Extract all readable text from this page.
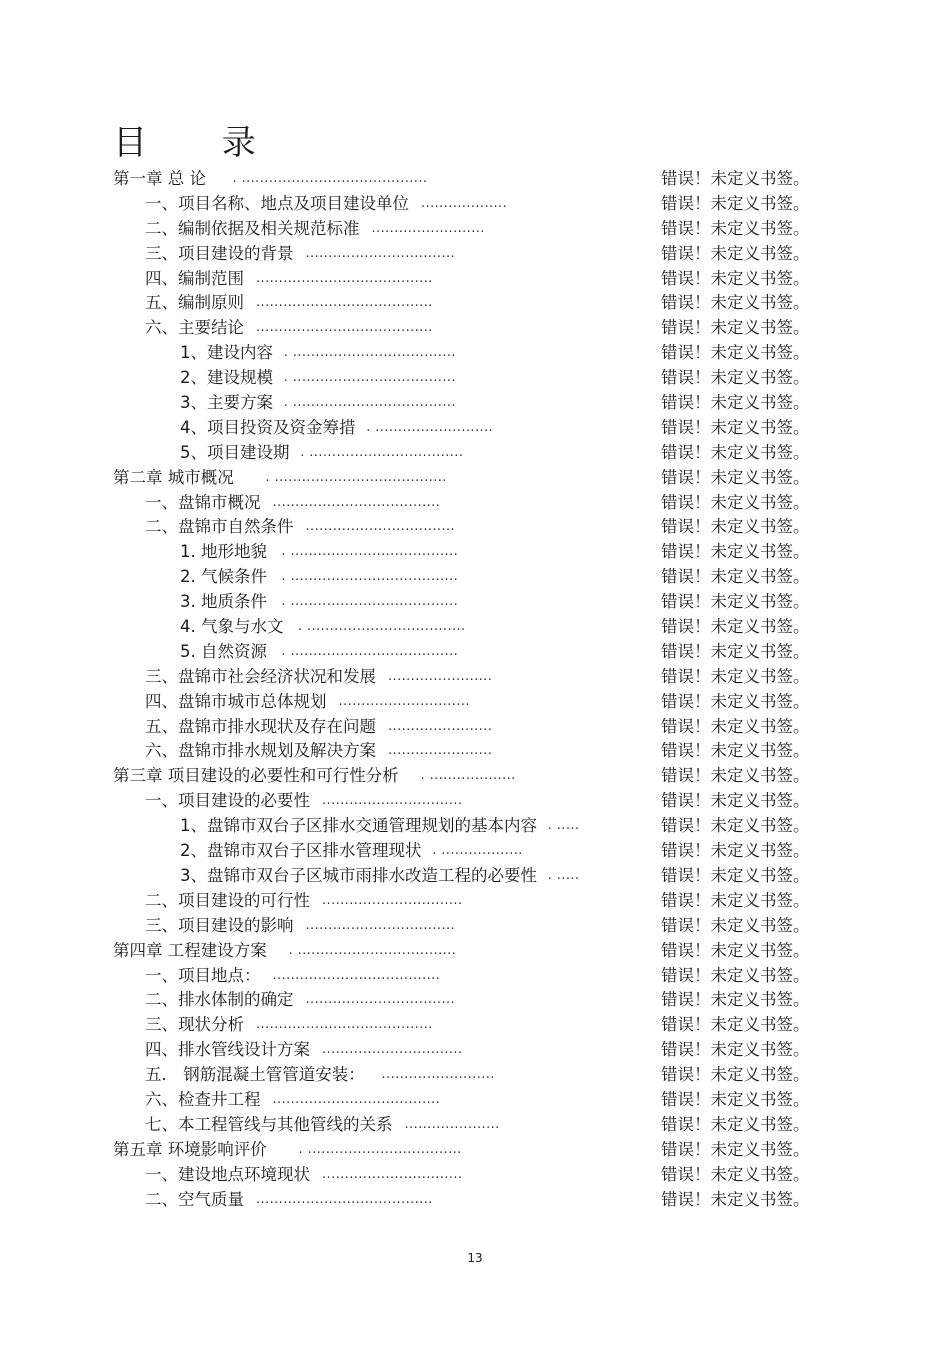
目 录
第一章 总 论 . .........................................	错误！未定义书签。
一、项目名称、地点及项目建设单位 ...................	错误！未定义书签。
二、编制依据及相关规范标准 .........................	错误！未定义书签。
三、项目建设的背景 .................................	错误！未定义书签。
四、编制范围 .......................................	错误！未定义书签。
五、编制原则 .......................................	错误！未定义书签。
六、主要结论 .......................................	错误！未定义书签。
1、建设内容 . ....................................	错误！未定义书签。
2、建设规模 . ....................................	错误！未定义书签。
3、主要方案 . ....................................	错误！未定义书签。
4、项目投资及资金筹措 . ..........................	错误！未定义书签。
5、项目建设期 . ..................................	错误！未定义书签。
第二章 城市概况 . ......................................	错误！未定义书签。
一、盘锦市概况 .....................................	错误！未定义书签。
二、盘锦市自然条件 .................................	错误！未定义书签。
1. 地形地貌 . .....................................	错误！未定义书签。
2. 气候条件 . .....................................	错误！未定义书签。
3. 地质条件 . .....................................	错误！未定义书签。
4. 气象与水文 . ...................................	错误！未定义书签。
5. 自然资源 . .....................................	错误！未定义书签。
三、盘锦市社会经济状况和发展 .......................	错误！未定义书签。
四、盘锦市城市总体规划 .............................	错误！未定义书签。
五、盘锦市排水现状及存在问题 .......................	错误！未定义书签。
六、盘锦市排水规划及解决方案 .......................	错误！未定义书签。
第三章 项目建设的必要性和可行性分析 . ...................	错误！未定义书签。
一、项目建设的必要性 ...............................	错误！未定义书签。
1、盘锦市双台子区排水交通管理规划的基本内容 . .....	错误！未定义书签。
2、盘锦市双台子区排水管理现状 . ..................	错误！未定义书签。
3、盘锦市双台子区城市雨排水改造工程的必要性 . .....	错误！未定义书签。
二、项目建设的可行性 ...............................	错误！未定义书签。
三、项目建设的影响 .................................	错误！未定义书签。
第四章 工程建设方案 . ...................................	错误！未定义书签。
一、项目地点： .....................................	错误！未定义书签。
二、排水体制的确定 .................................	错误！未定义书签。
三、现状分析 .......................................	错误！未定义书签。
四、排水管线设计方案 ...............................	错误！未定义书签。
五． 钢筋混凝土管管道安装： .........................	错误！未定义书签。
六、检查井工程 .....................................	错误！未定义书签。
七、本工程管线与其他管线的关系 .....................	错误！未定义书签。
第五章 环境影响评价 . ..................................	错误！未定义书签。
一、建设地点环境现状 ...............................	错误！未定义书签。
二、空气质量 .......................................	错误！未定义书签。
13
